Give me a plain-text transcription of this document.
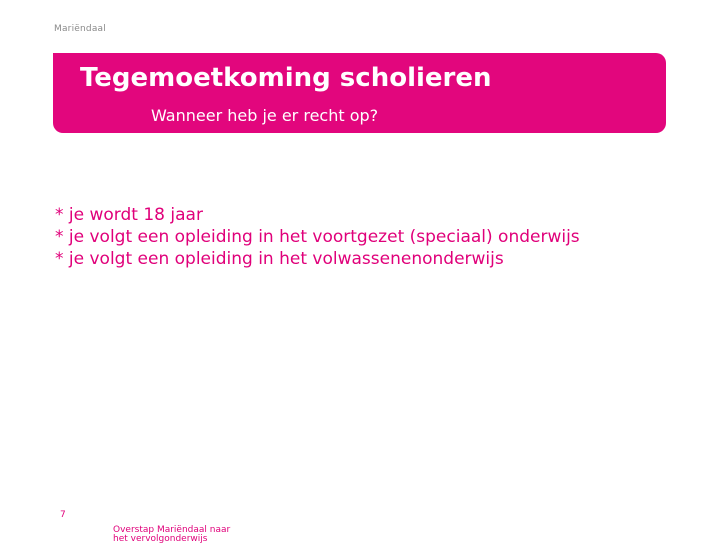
Mariëndaal
Tegemoetkoming scholieren
Wanneer heb je er recht op?
* je wordt 18 jaar
* je volgt een opleiding in het voortgezet (speciaal) onderwijs
* je volgt een opleiding in het volwassenenonderwijs
7
Overstap Mariëndaal naar het vervolgonderwijs
